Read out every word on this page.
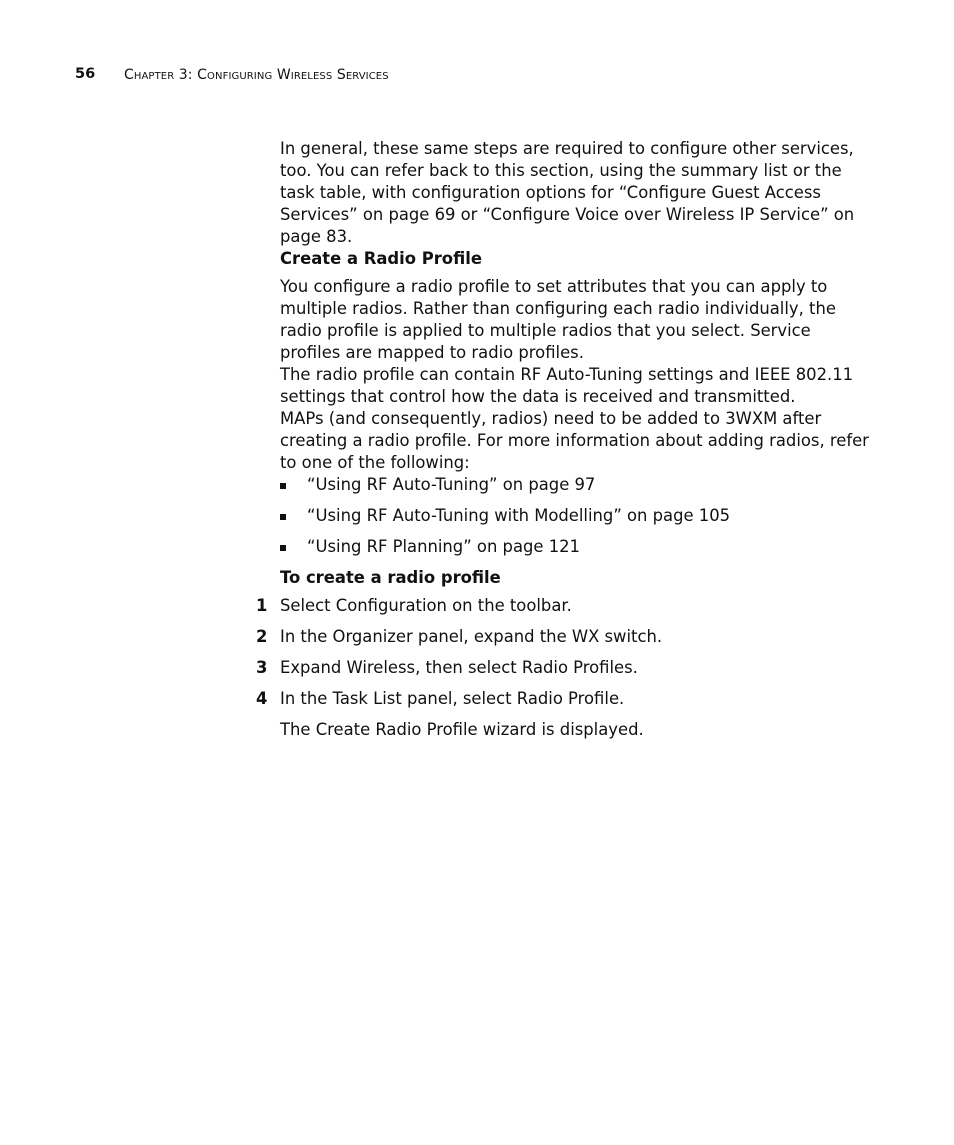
56 Chapter 3: Configuring Wireless Services

In general, these same steps are required to configure other services, too. You can refer back to this section, using the summary list or the task table, with configuration options for “Configure Guest Access Services” on page 69 or “Configure Voice over Wireless IP Service” on page 83.

Create a Radio Profile

You configure a radio profile to set attributes that you can apply to multiple radios. Rather than configuring each radio individually, the radio profile is applied to multiple radios that you select. Service profiles are mapped to radio profiles.

The radio profile can contain RF Auto-Tuning settings and IEEE 802.11 settings that control how the data is received and transmitted.

MAPs (and consequently, radios) need to be added to 3WXM after creating a radio profile. For more information about adding radios, refer to one of the following:

“Using RF Auto-Tuning” on page 97
“Using RF Auto-Tuning with Modelling” on page 105
“Using RF Planning” on page 121
To create a radio profile
1 Select Configuration on the toolbar.
2 In the Organizer panel, expand the WX switch.
3 Expand Wireless, then select Radio Profiles.
4 In the Task List panel, select Radio Profile.

The Create Radio Profile wizard is displayed.
